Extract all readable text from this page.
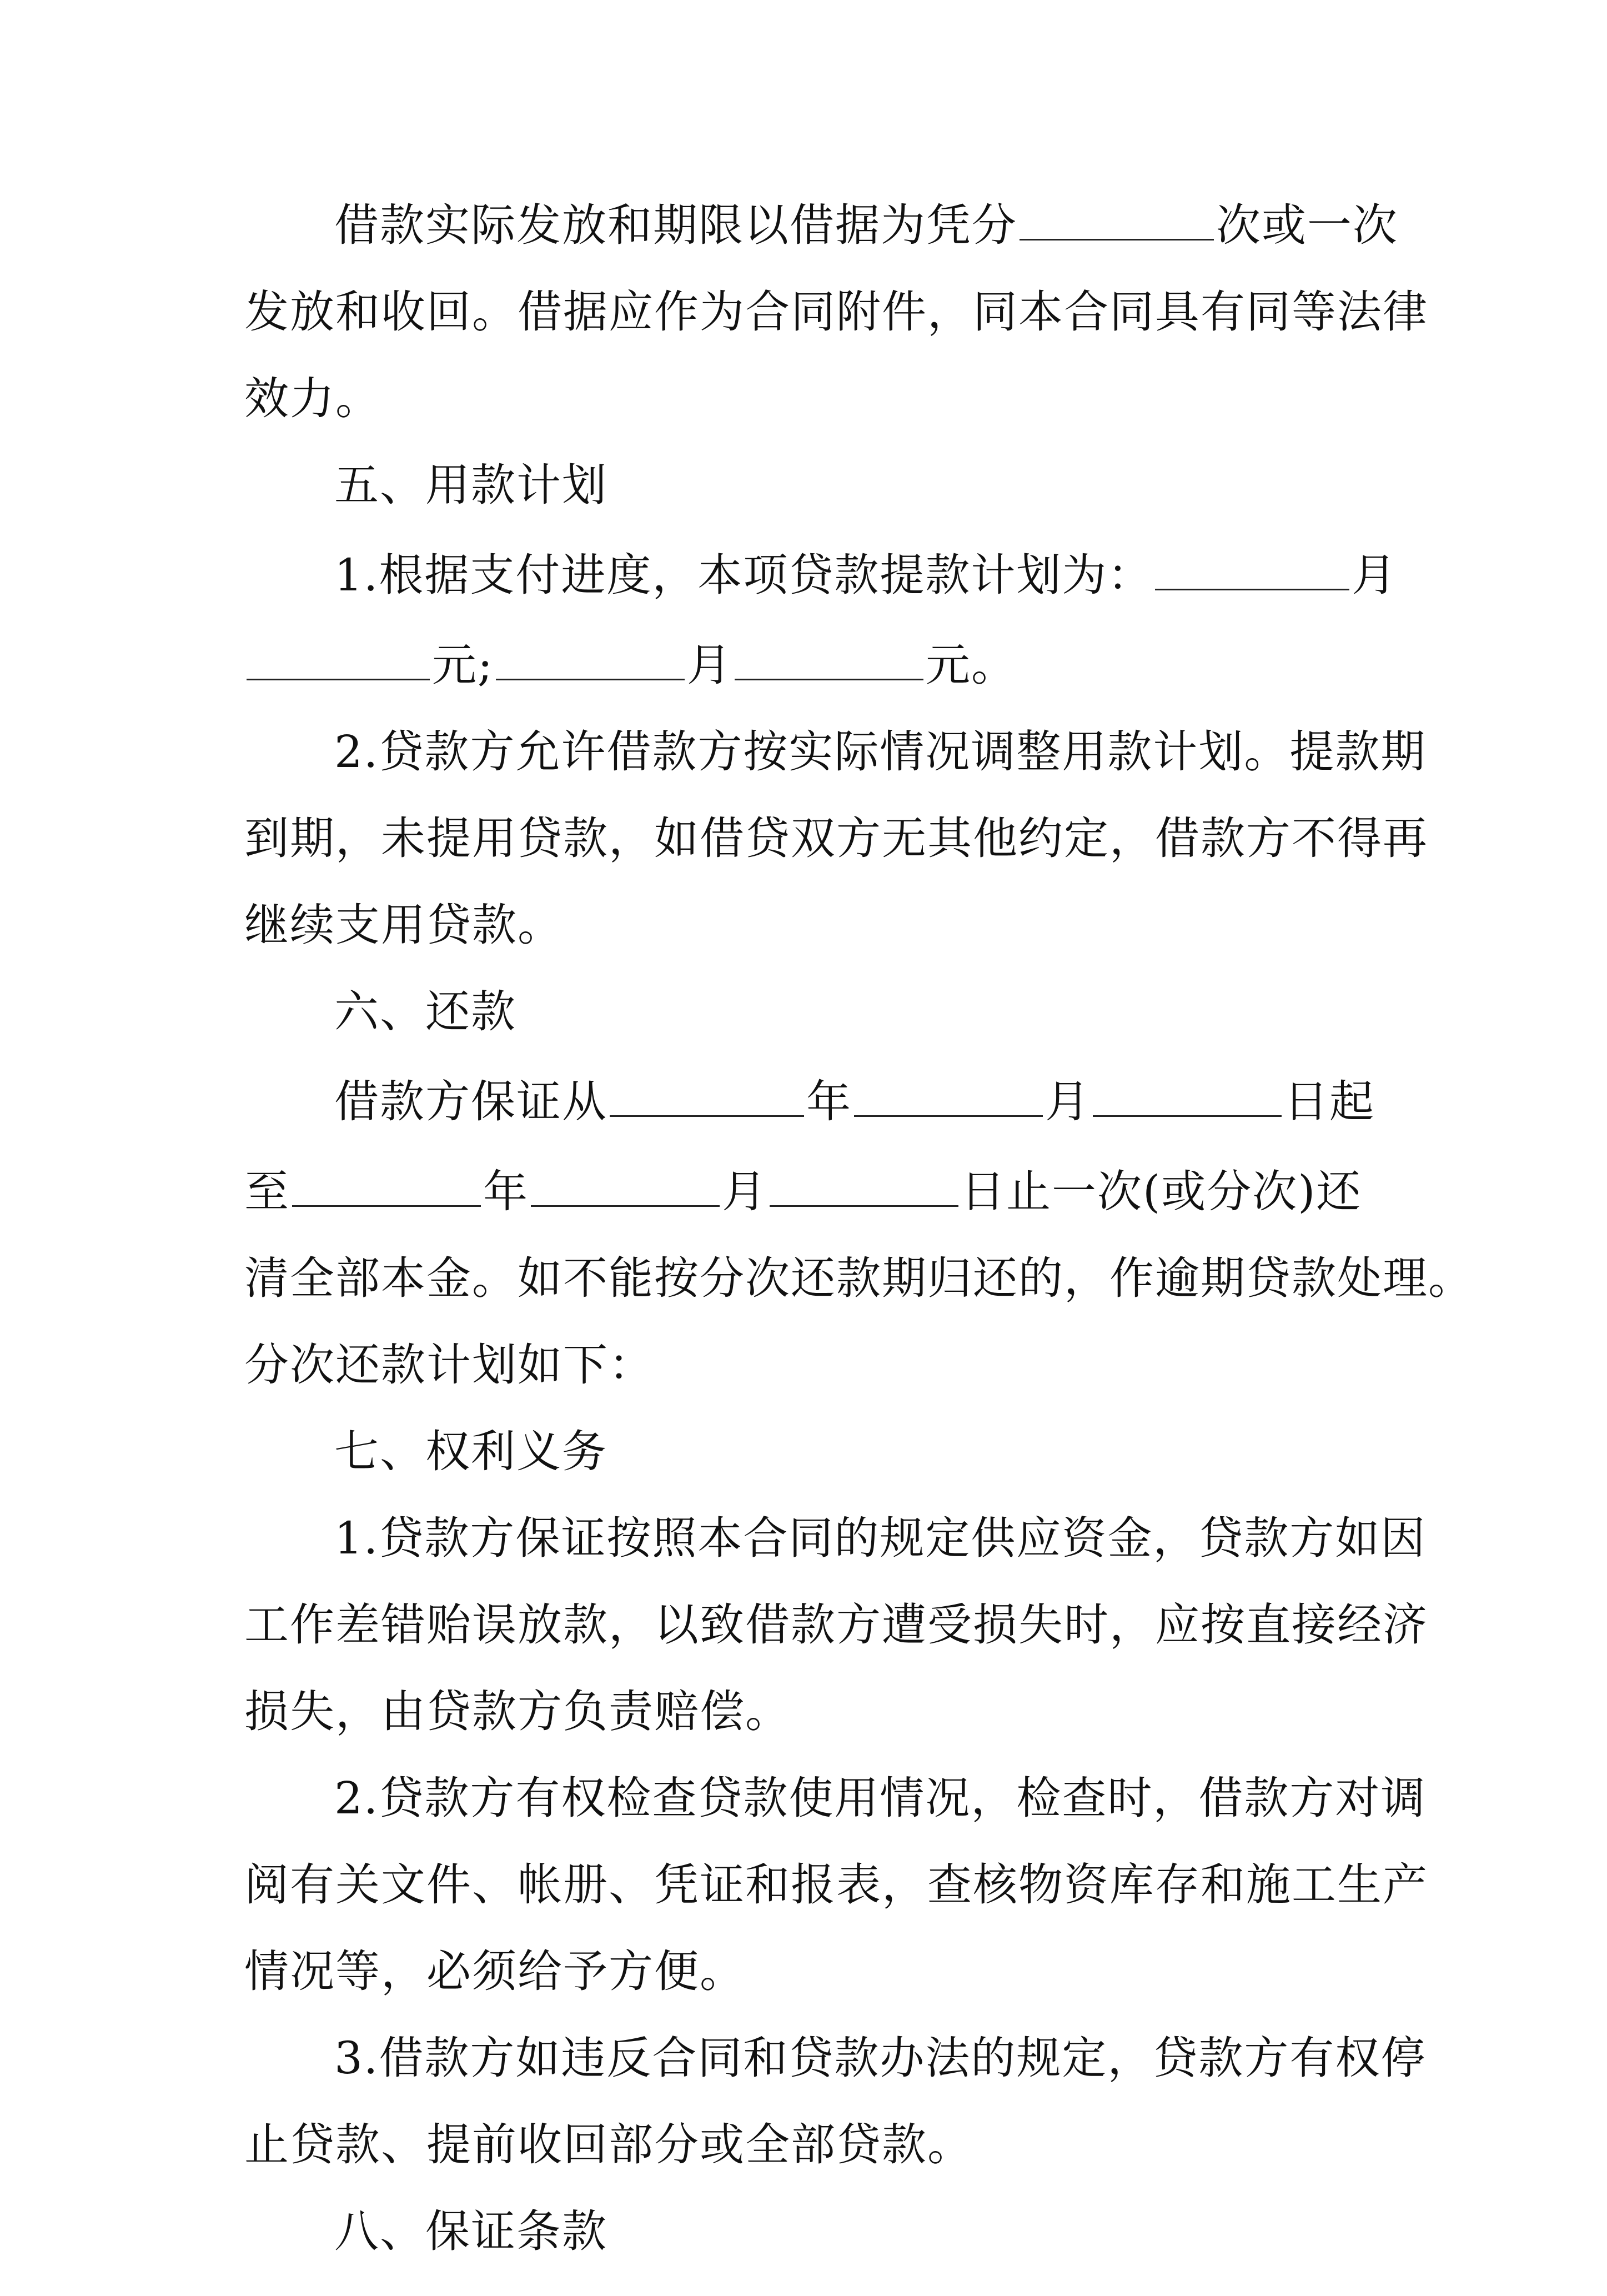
借款实际发放和期限以借据为凭分	次或一次
发放和收回。借据应作为合同附件，同本合同具有同等法律
效力。
五、用款计划
1.根据支付进度，本项贷款提款计划为：	月
元;	月	元。
2.贷款方允许借款方按实际情况调整用款计划。提款期
到期，未提用贷款，如借贷双方无其他约定，借款方不得再
继续支用贷款。
六、还款
借款方保证从	年	月	日起
至	年	月	日止一次(或分次)还
清全部本金。如不能按分次还款期归还的，作逾期贷款处理。
分次还款计划如下：
七、权利义务
1.贷款方保证按照本合同的规定供应资金，贷款方如因
工作差错贻误放款，以致借款方遭受损失时，应按直接经济
损失，由贷款方负责赔偿。
2.贷款方有权检查贷款使用情况，检查时，借款方对调
阅有关文件、帐册、凭证和报表，查核物资库存和施工生产
情况等，必须给予方便。
3.借款方如违反合同和贷款办法的规定，贷款方有权停
止贷款、提前收回部分或全部贷款。
八、保证条款
